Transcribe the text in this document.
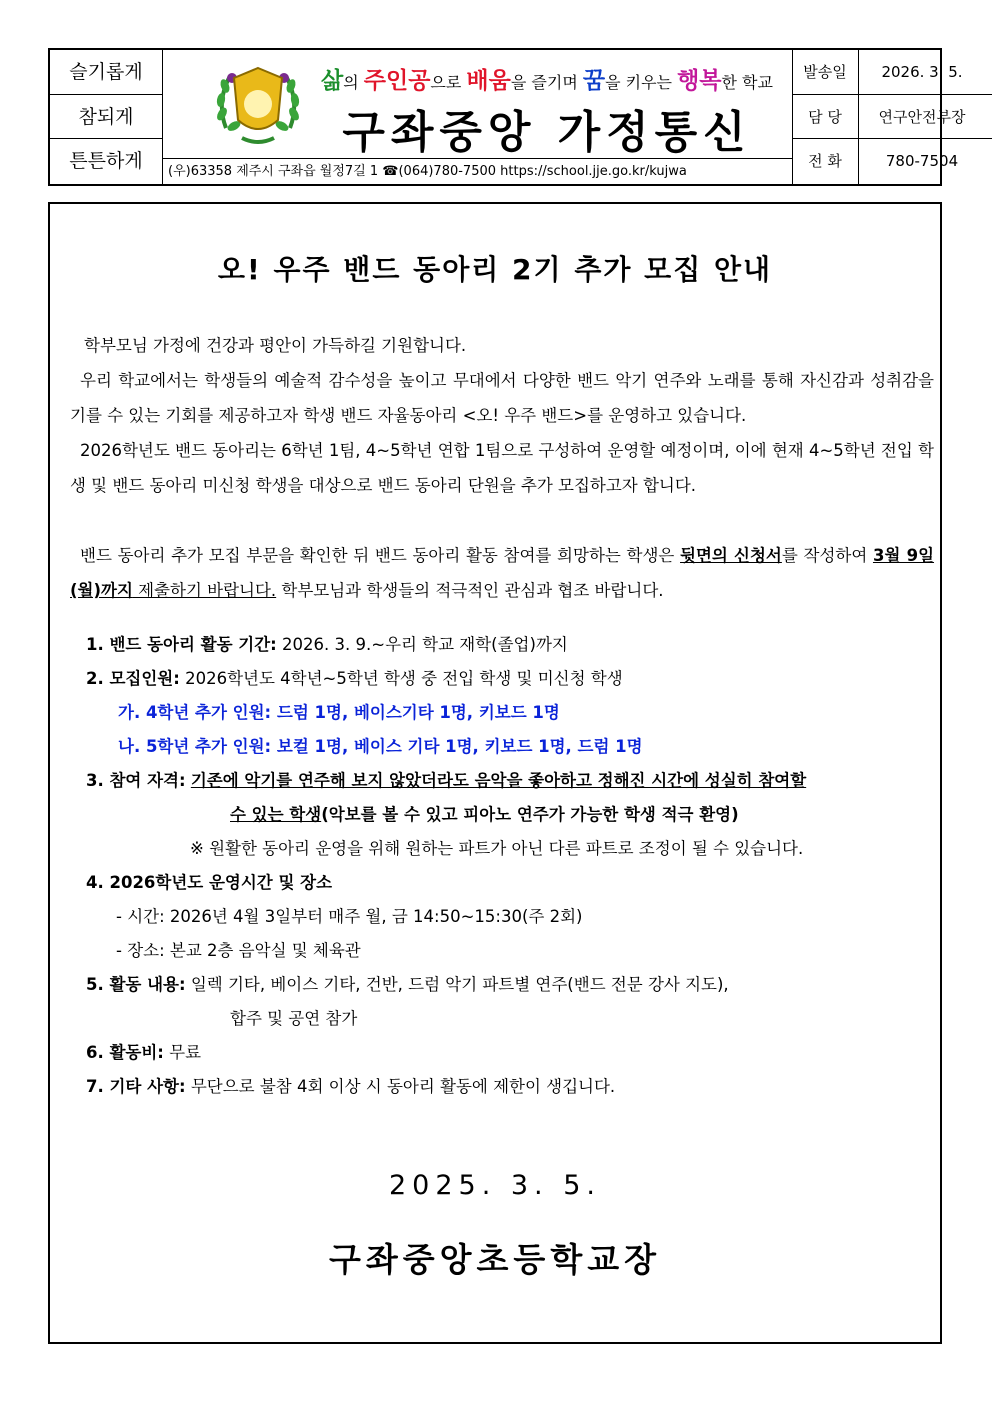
슬기롭게
참되게
튼튼하게
삶의 주인공으로 배움을 즐기며 꿈을 키우는 행복한 학교
구좌중앙 가정통신
(우)63358 제주시 구좌읍 월정7길 1 ☎(064)780-7500 https://school.jje.go.kr/kujwa
발송일	2026. 3. 5.
담 당	연구안전부장
전 화	780-7504
오! 우주 밴드 동아리 2기 추가 모집 안내
학부모님 가정에 건강과 평안이 가득하길 기원합니다.
우리 학교에서는 학생들의 예술적 감수성을 높이고 무대에서 다양한 밴드 악기 연주와 노래를 통해 자신감과 성취감을 기를 수 있는 기회를 제공하고자 학생 밴드 자율동아리 <오! 우주 밴드>를 운영하고 있습니다.
2026학년도 밴드 동아리는 6학년 1팀, 4~5학년 연합 1팀으로 구성하여 운영할 예정이며, 이에 현재 4~5학년 전입 학생 및 밴드 동아리 미신청 학생을 대상으로 밴드 동아리 단원을 추가 모집하고자 합니다.
밴드 동아리 추가 모집 부문을 확인한 뒤 밴드 동아리 활동 참여를 희망하는 학생은 뒷면의 신청서를 작성하여 3월 9일(월)까지 제출하기 바랍니다. 학부모님과 학생들의 적극적인 관심과 협조 바랍니다.
1. 밴드 동아리 활동 기간: 2026. 3. 9.~우리 학교 재학(졸업)까지
2. 모집인원: 2026학년도 4학년~5학년 학생 중 전입 학생 및 미신청 학생
가. 4학년 추가 인원: 드럼 1명, 베이스기타 1명, 키보드 1명
나. 5학년 추가 인원: 보컬 1명, 베이스 기타 1명, 키보드 1명, 드럼 1명
3. 참여 자격: 기존에 악기를 연주해 보지 않았더라도 음악을 좋아하고 정해진 시간에 성실히 참여할
수 있는 학생(악보를 볼 수 있고 피아노 연주가 가능한 학생 적극 환영)
※ 원활한 동아리 운영을 위해 원하는 파트가 아닌 다른 파트로 조정이 될 수 있습니다.
4. 2026학년도 운영시간 및 장소
- 시간: 2026년 4월 3일부터 매주 월, 금 14:50~15:30(주 2회)
- 장소: 본교 2층 음악실 및 체육관
5. 활동 내용: 일렉 기타, 베이스 기타, 건반, 드럼 악기 파트별 연주(밴드 전문 강사 지도),
합주 및 공연 참가
6. 활동비: 무료
7. 기타 사항: 무단으로 불참 4회 이상 시 동아리 활동에 제한이 생깁니다.
2025. 3. 5.
구좌중앙초등학교장
